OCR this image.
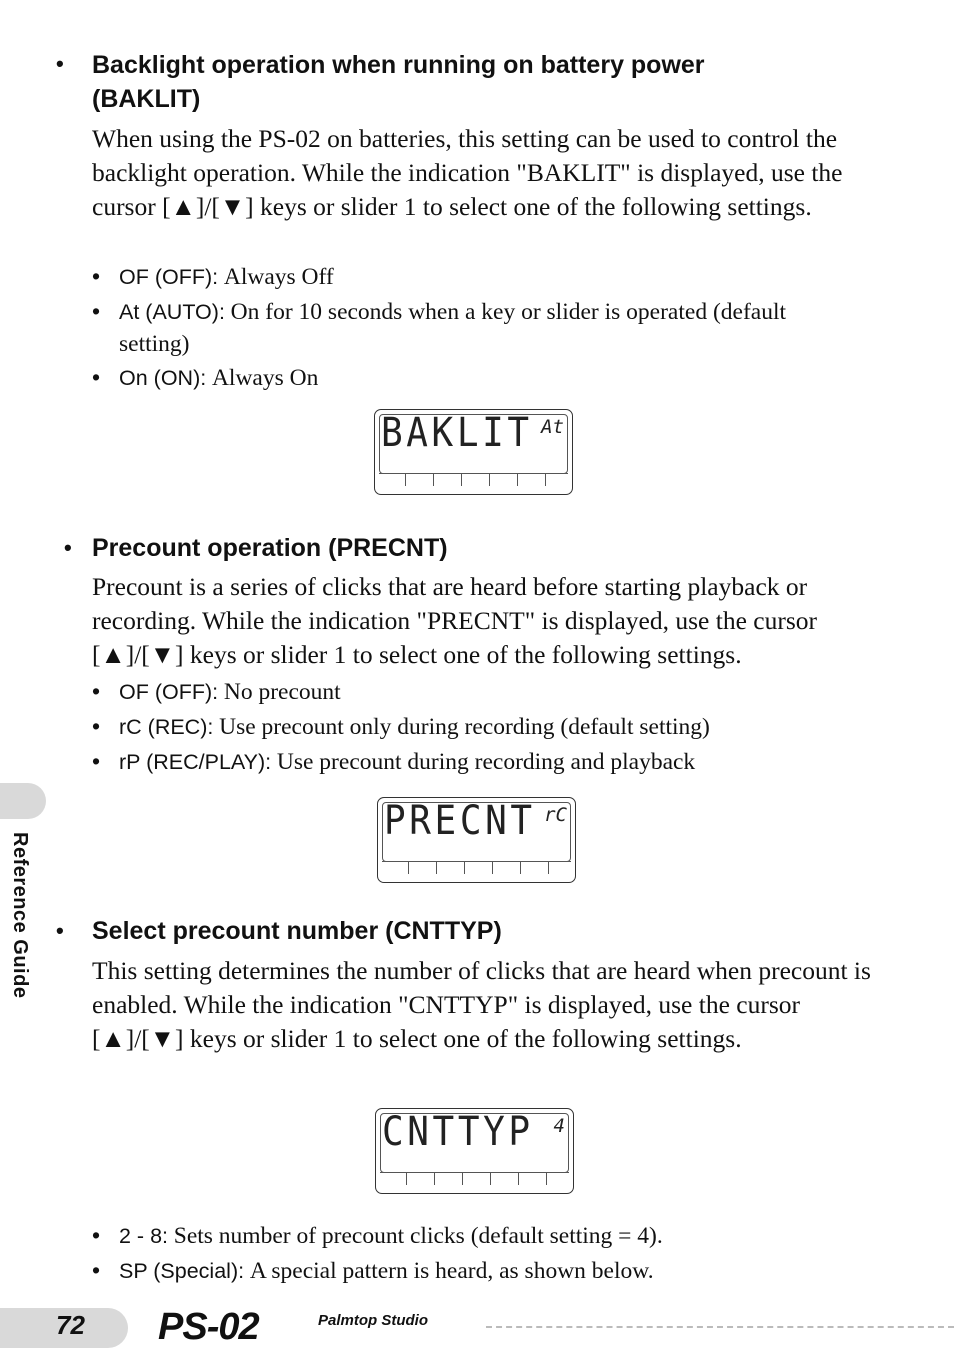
• Backlight operation when running on battery power
(BAKLIT)
When using the PS-02 on batteries, this setting can be used to control the backlight operation. While the indication "BAKLIT" is displayed, use the cursor [▲]/[▼] keys or slider 1 to select one of the following settings.
• OF (OFF): Always Off
• At (AUTO): On for 10 seconds when a key or slider is operated (default
setting)
• On (ON): Always On
BAKLIT At
• Precount operation (PRECNT)
Precount is a series of clicks that are heard before starting playback or recording. While the indication "PRECNT" is displayed, use the cursor [▲]/[▼] keys or slider 1 to select one of the following settings.
• OF (OFF): No precount
• rC (REC): Use precount only during recording (default setting)
• rP (REC/PLAY): Use precount during recording and playback
PRECNT rC
• Select precount number (CNTTYP)
This setting determines the number of clicks that are heard when precount is enabled. While the indication "CNTTYP" is displayed, use the cursor [▲]/[▼] keys or slider 1 to select one of the following settings.
CNTTYP 4
• 2 - 8: Sets number of precount clicks (default setting = 4).
• SP (Special): A special pattern is heard, as shown below.
Reference Guide
72 PS-02	Palmtop Studio
